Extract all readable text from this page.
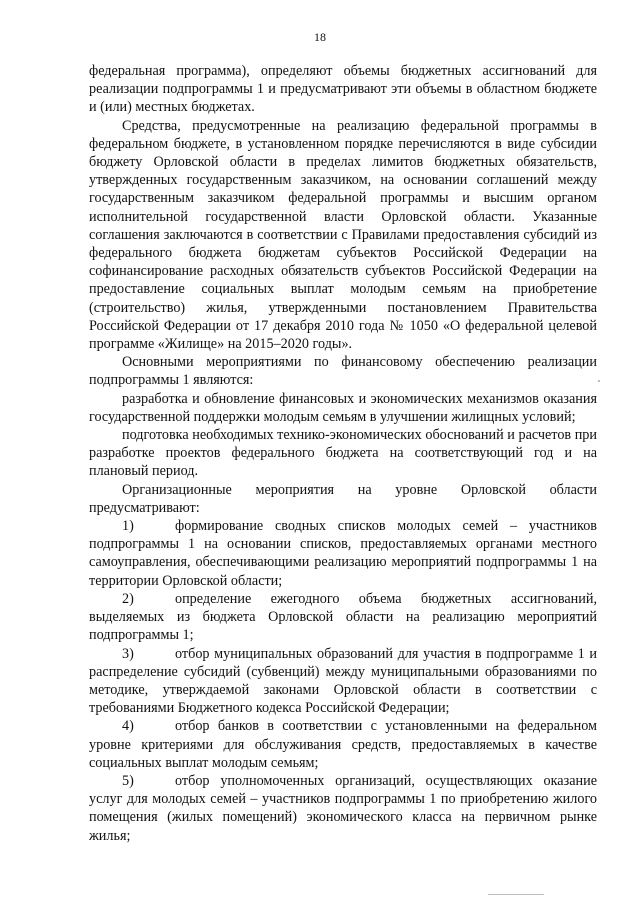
18

федеральная программа), определяют объемы бюджетных ассигнований для реализации подпрограммы 1 и предусматривают эти объемы в областном бюджете и (или) местных бюджетах.

Средства, предусмотренные на реализацию федеральной программы в федеральном бюджете, в установленном порядке перечисляются в виде субсидии бюджету Орловской области в пределах лимитов бюджетных обязательств, утвержденных государственным заказчиком, на основании соглашений между государственным заказчиком федеральной программы и высшим органом исполнительной государственной власти Орловской области. Указанные соглашения заключаются в соответствии с Правилами предоставления субсидий из федерального бюджета бюджетам субъектов Российской Федерации на софинансирование расходных обязательств субъектов Российской Федерации на предоставление социальных выплат молодым семьям на приобретение (строительство) жилья, утвержденными постановлением Правительства Российской Федерации от 17 декабря 2010 года № 1050 «О федеральной целевой программе «Жилище» на 2015–2020 годы».

Основными мероприятиями по финансовому обеспечению реализации подпрограммы 1 являются:

разработка и обновление финансовых и экономических механизмов оказания государственной поддержки молодым семьям в улучшении жилищных условий;

подготовка необходимых технико-экономических обоснований и расчетов при разработке проектов федерального бюджета на соответствующий год и на плановый период.

Организационные мероприятия на уровне Орловской области предусматривают:

1)	формирование сводных списков молодых семей – участников подпрограммы 1 на основании списков, предоставляемых органами местного самоуправления, обеспечивающими реализацию мероприятий подпрограммы 1 на территории Орловской области;

2)	определение ежегодного объема бюджетных ассигнований, выделяемых из бюджета Орловской области на реализацию мероприятий подпрограммы 1;

3)	отбор муниципальных образований для участия в подпрограмме 1 и распределение субсидий (субвенций) между муниципальными образованиями по методике, утверждаемой законами Орловской области в соответствии с требованиями Бюджетного кодекса Российской Федерации;

4)	отбор банков в соответствии с установленными на федеральном уровне критериями для обслуживания средств, предоставляемых в качестве социальных выплат молодым семьям;

5)	отбор уполномоченных организаций, осуществляющих оказание услуг для молодых семей – участников подпрограммы 1 по приобретению жилого помещения (жилых помещений) экономического класса на первичном рынке жилья;
